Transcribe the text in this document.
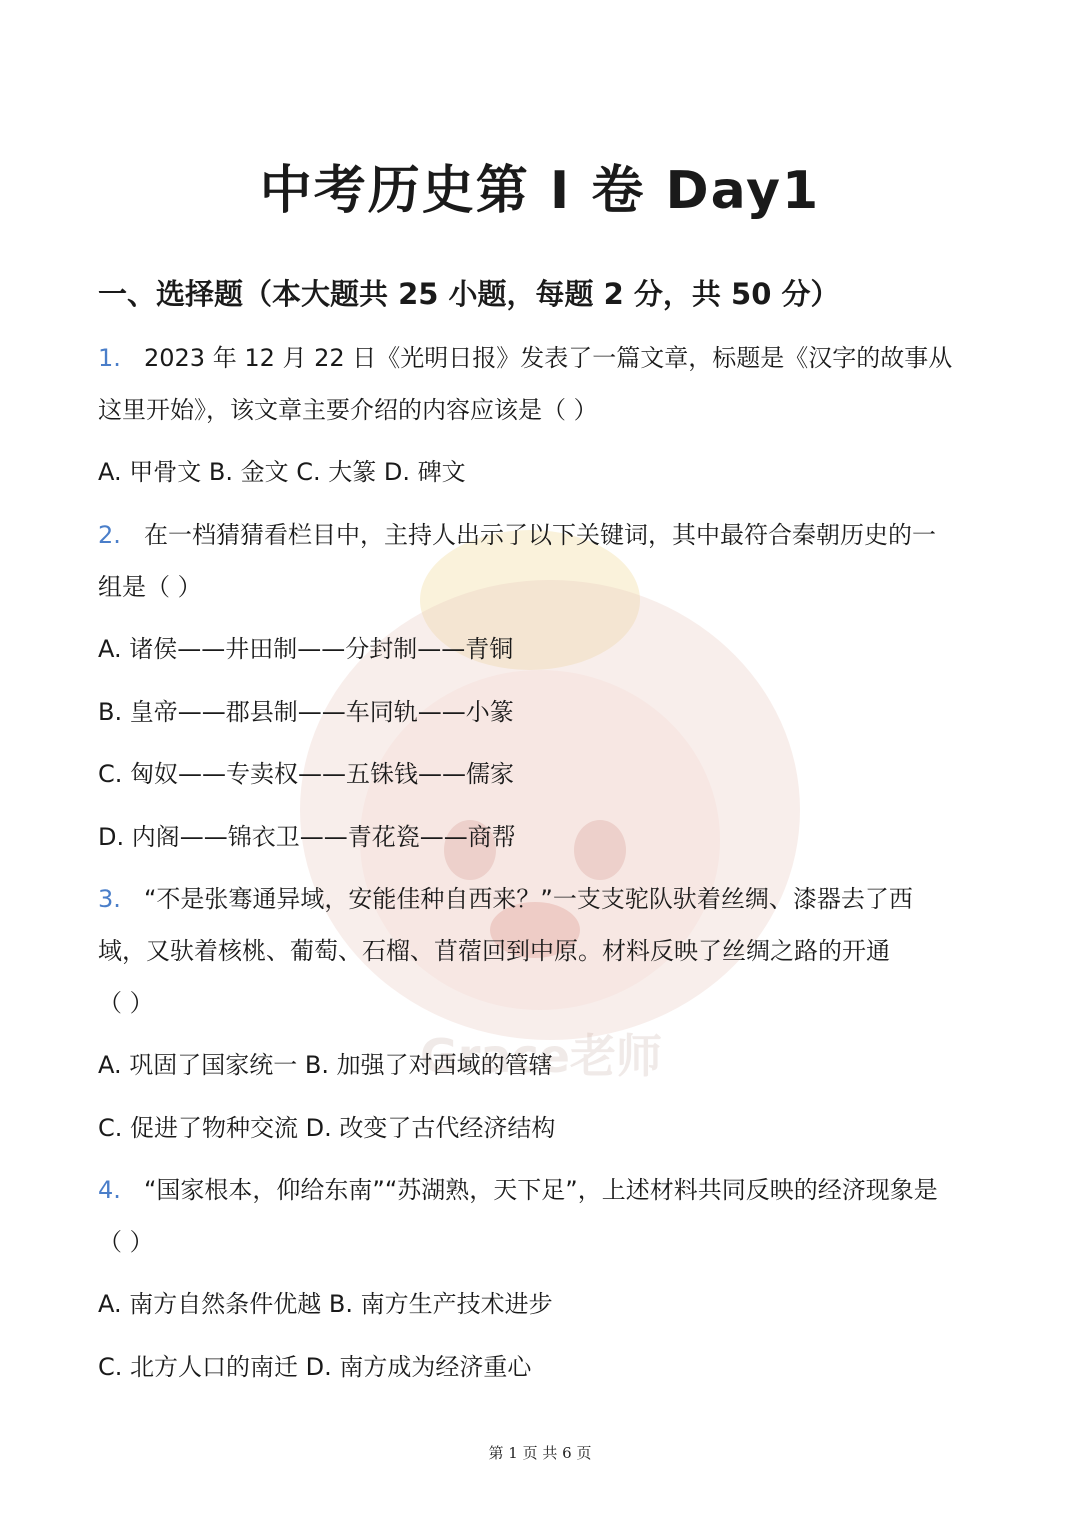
Grace老师
中考历史第 Ⅰ 卷 Day1
一、选择题（本大题共 25 小题，每题 2 分，共 50 分）
1. 2023 年 12 月 22 日《光明日报》发表了一篇文章，标题是《汉字的故事从
这里开始》，该文章主要介绍的内容应该是（ ）
A. 甲骨文 B. 金文 C. 大篆 D. 碑文
2. 在一档猜猜看栏目中，主持人出示了以下关键词，其中最符合秦朝历史的一
组是（ ）
A. 诸侯——井田制——分封制——青铜
B. 皇帝——郡县制——车同轨——小篆
C. 匈奴——专卖权——五铢钱——儒家
D. 内阁——锦衣卫——青花瓷——商帮
3. “不是张骞通异域，安能佳种自西来？”一支支驼队驮着丝绸、漆器去了西
域，又驮着核桃、葡萄、石榴、苜蓿回到中原。材料反映了丝绸之路的开通
（ ）
A. 巩固了国家统一 B. 加强了对西域的管辖
C. 促进了物种交流 D. 改变了古代经济结构
4. “国家根本，仰给东南”“苏湖熟，天下足”，上述材料共同反映的经济现象是
（ ）
A. 南方自然条件优越 B. 南方生产技术进步
C. 北方人口的南迁 D. 南方成为经济重心
第 1 页 共 6 页
